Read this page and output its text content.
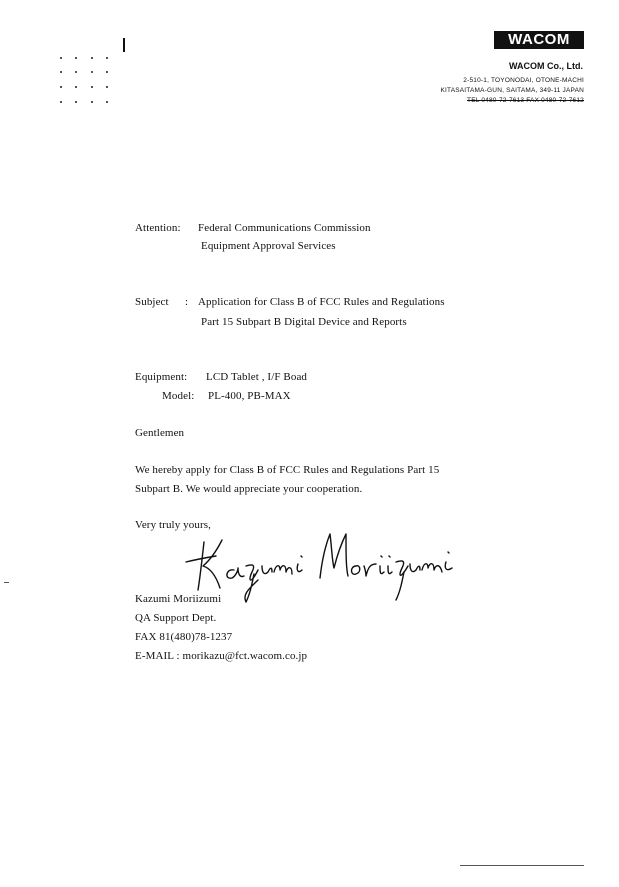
WACOM
WACOM Co., Ltd.
2-510-1, TOYONODAI, OTONE-MACHI
KITASAITAMA-GUN, SAITAMA, 349-11 JAPAN
TEL 0480-72-7613 FAX 0480-72-7612
Attention: Federal Communications Commission
Equipment Approval Services
Subject : Application for Class B of FCC Rules and Regulations
Part 15 Subpart B Digital Device and Reports
Equipment: LCD Tablet , I/F Boad
Model: PL-400, PB-MAX
Gentlemen
We hereby apply for Class B of FCC Rules and Regulations Part 15
Subpart B. We would appreciate your cooperation.
Very truly yours,
Kazumi Moriizumi
QA Support Dept.
FAX 81(480)78-1237
E-MAIL : morikazu@fct.wacom.co.jp
